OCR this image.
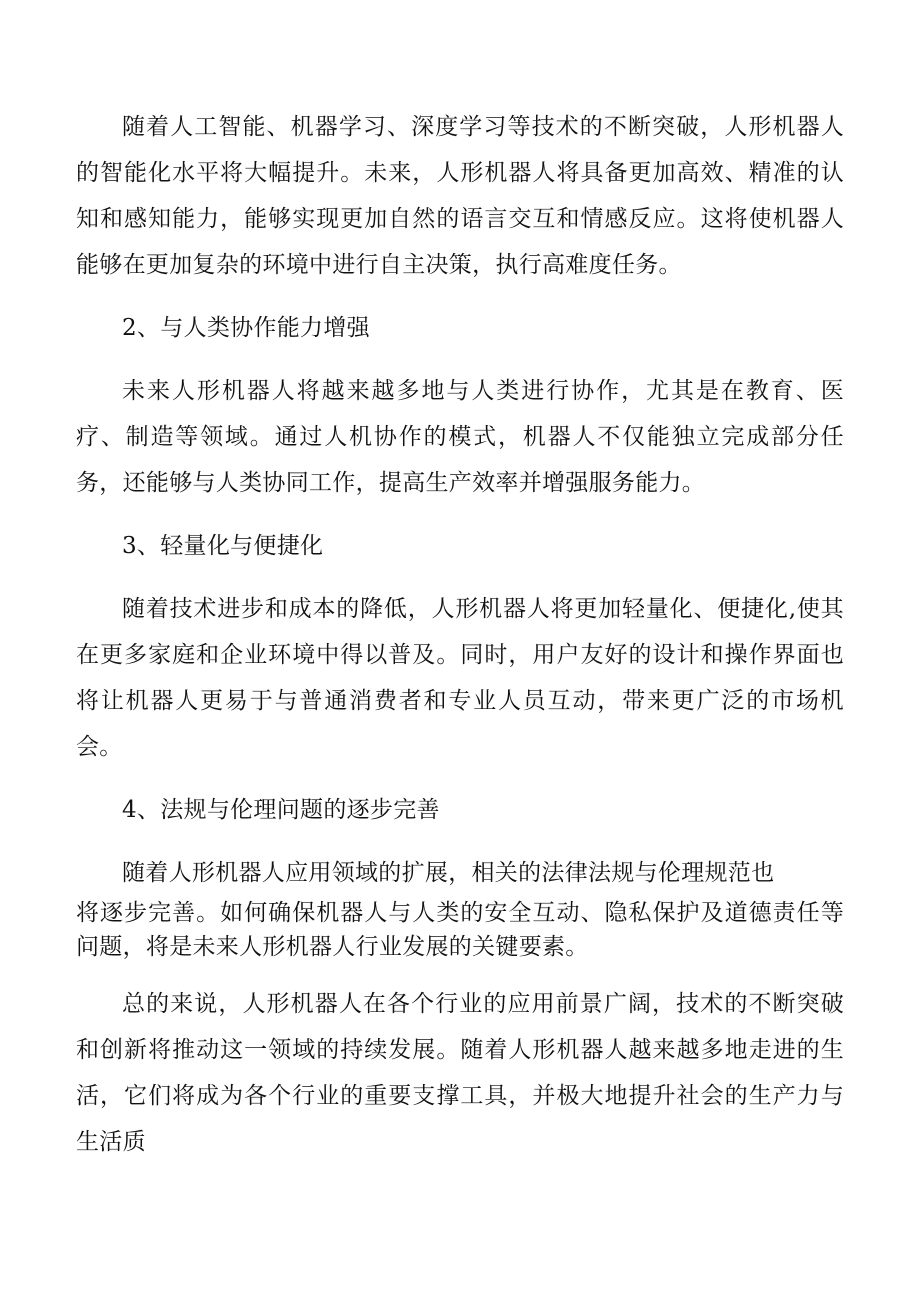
随着人工智能、机器学习、深度学习等技术的不断突破，人形机器人的智能化水平将大幅提升。未来，人形机器人将具备更加高效、精准的认知和感知能力，能够实现更加自然的语言交互和情感反应。这将使机器人能够在更加复杂的环境中进行自主决策，执行高难度任务。

2、与人类协作能力增强

未来人形机器人将越来越多地与人类进行协作，尤其是在教育、医疗、制造等领域。通过人机协作的模式，机器人不仅能独立完成部分任务，还能够与人类协同工作，提高生产效率并增强服务能力。

3、轻量化与便捷化

随着技术进步和成本的降低，人形机器人将更加轻量化、便捷化,使其在更多家庭和企业环境中得以普及。同时，用户友好的设计和操作界面也将让机器人更易于与普通消费者和专业人员互动，带来更广泛的市场机会。

4、法规与伦理问题的逐步完善

随着人形机器人应用领域的扩展，相关的法律法规与伦理规范也
将逐步完善。如何确保机器人与人类的安全互动、隐私保护及道德责任等问题，将是未来人形机器人行业发展的关键要素。

总的来说，人形机器人在各个行业的应用前景广阔，技术的不断突破和创新将推动这一领域的持续发展。随着人形机器人越来越多地走进的生活，它们将成为各个行业的重要支撑工具，并极大地提升社会的生产力与生活质
